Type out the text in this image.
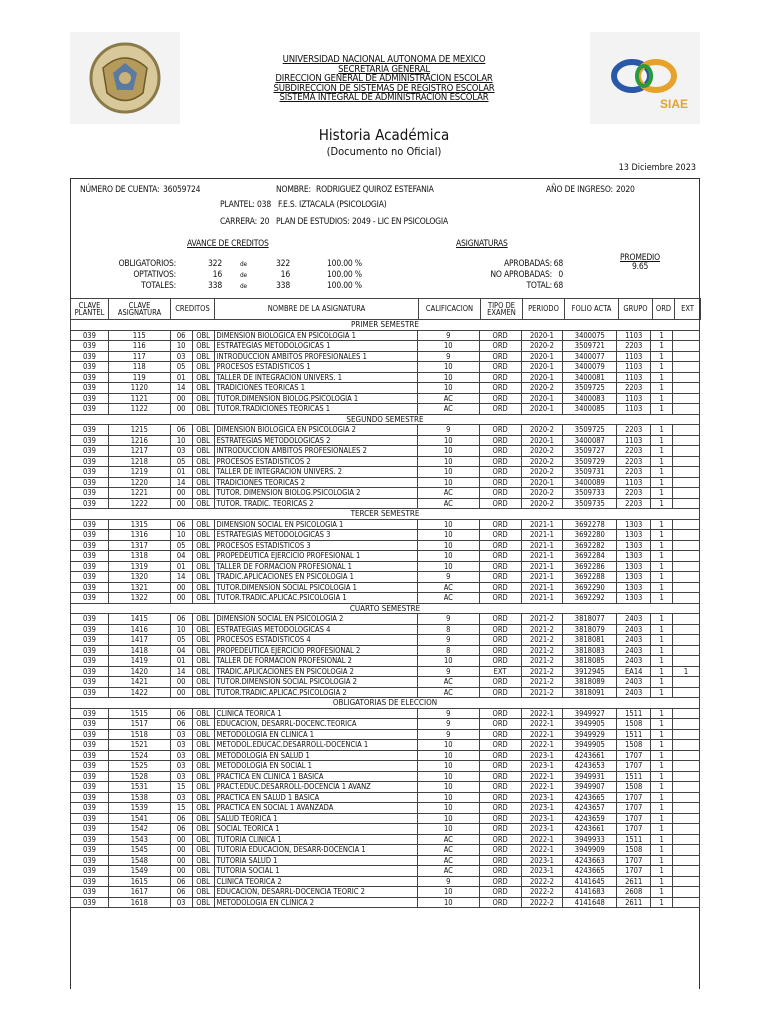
SIAE
UNIVERSIDAD NACIONAL AUTONOMA DE MEXICO
SECRETARIA GENERAL
DIRECCION GENERAL DE ADMINISTRACION ESCOLAR
SUBDIRECCION DE SISTEMAS DE REGISTRO ESCOLAR
SISTEMA INTEGRAL DE ADMINISTRACION ESCOLAR
Historia Académica
(Documento no Oficial)
13 Diciembre 2023
NÚMERO DE CUENTA: 36059724	NOMBRE: RODRIGUEZ QUIROZ ESTEFANIA	AÑO DE INGRESO: 2020
PLANTEL: 038 F.E.S. IZTACALA (PSICOLOGIA)
CARRERA: 20 PLAN DE ESTUDIOS: 2049 - LIC EN PSICOLOGIA
AVANCE DE CREDITOS
OBLIGATORIOS:	322	de	322	100.00 %
OPTATIVOS:	16	de	16	100.00 %
TOTALES:	338	de	338	100.00 %
ASIGNATURAS
APROBADAS: 68
NO APROBADAS: 0
TOTAL: 68
PROMEDIO
9.65
CLAVE PLANTEL	CLAVE ASIGNATURA	CREDITOS	NOMBRE DE LA ASIGNATURA	CALIFICACION	TIPO DE EXAMEN	PERIODO	FOLIO ACTA	GRUPO	ORD	EXT
PRIMER SEMESTRE
039	115	06	OBL DIMENSION BIOLOGICA EN PSICOLOGIA 1	9	ORD	2020-1	3400075	1103	1
039	116	10	OBL ESTRATEGIAS METODOLOGICAS 1	10	ORD	2020-2	3509721	2203	1
039	117	03	OBL INTRODUCCION AMBITOS PROFESIONALES 1	9	ORD	2020-1	3400077	1103	1
039	118	05	OBL PROCESOS ESTADISTICOS 1	10	ORD	2020-1	3400079	1103	1
039	119	01	OBL TALLER DE INTEGRACION UNIVERS. 1	10	ORD	2020-1	3400081	1103	1
039	1120	14	OBL TRADICIONES TEORICAS 1	10	ORD	2020-2	3509725	2203	1
039	1121	00	OBL TUTOR.DIMENSION BIOLOG.PSICOLOGIA 1	AC	ORD	2020-1	3400083	1103	1
039	1122	00	OBL TUTOR.TRADICIONES TEORICAS 1	AC	ORD	2020-1	3400085	1103	1
SEGUNDO SEMESTRE
039	1215	06	OBL DIMENSION BIOLOGICA EN PSICOLOGIA 2	9	ORD	2020-2	3509725	2203	1
039	1216	10	OBL ESTRATEGIAS METODOLOGICAS 2	10	ORD	2020-1	3400087	1103	1
039	1217	03	OBL INTRODUCCION AMBITOS PROFESIONALES 2	10	ORD	2020-2	3509727	2203	1
039	1218	05	OBL PROCESOS ESTADISTICOS 2	10	ORD	2020-2	3509729	2203	1
039	1219	01	OBL TALLER DE INTEGRACION UNIVERS. 2	10	ORD	2020-2	3509731	2203	1
039	1220	14	OBL TRADICIONES TEORICAS 2	10	ORD	2020-1	3400089	1103	1
039	1221	00	OBL TUTOR. DIMENSION BIOLOG.PSICOLOGIA 2	AC	ORD	2020-2	3509733	2203	1
039	1222	00	OBL TUTOR. TRADIC. TEORICAS 2	AC	ORD	2020-2	3509735	2203	1
TERCER SEMESTRE
039	1315	06	OBL DIMENSION SOCIAL EN PSICOLOGIA 1	10	ORD	2021-1	3692278	1303	1
039	1316	10	OBL ESTRATEGIAS METODOLOGICAS 3	10	ORD	2021-1	3692280	1303	1
039	1317	05	OBL PROCESOS ESTADISTICOS 3	10	ORD	2021-1	3692282	1303	1
039	1318	04	OBL PROPEDEUTICA EJERCICIO PROFESIONAL 1	10	ORD	2021-1	3692284	1303	1
039	1319	01	OBL TALLER DE FORMACION PROFESIONAL 1	10	ORD	2021-1	3692286	1303	1
039	1320	14	OBL TRADIC.APLICACIONES EN PSICOLOGIA 1	9	ORD	2021-1	3692288	1303	1
039	1321	00	OBL TUTOR.DIMENSION SOCIAL PSICOLOGIA 1	AC	ORD	2021-1	3692290	1303	1
039	1322	00	OBL TUTOR.TRADIC.APLICAC.PSICOLOGIA 1	AC	ORD	2021-1	3692292	1303	1
CUARTO SEMESTRE
039	1415	06	OBL DIMENSION SOCIAL EN PSICOLOGIA 2	9	ORD	2021-2	3818077	2403	1
039	1416	10	OBL ESTRATEGIAS METODOLOGICAS 4	8	ORD	2021-2	3818079	2403	1
039	1417	05	OBL PROCESOS ESTADISTICOS 4	9	ORD	2021-2	3818081	2403	1
039	1418	04	OBL PROPEDEUTICA EJERCICIO PROFESIONAL 2	8	ORD	2021-2	3818083	2403	1
039	1419	01	OBL TALLER DE FORMACION PROFESIONAL 2	10	ORD	2021-2	3818085	2403	1
039	1420	14	OBL TRADIC.APLICACIONES EN PSICOLOGIA 2	9	EXT	2021-2	3912945	EA14	1	1
039	1421	00	OBL TUTOR.DIMENSION SOCIAL PSICOLOGIA 2	AC	ORD	2021-2	3818089	2403	1
039	1422	00	OBL TUTOR.TRADIC.APLICAC.PSICOLOGIA 2	AC	ORD	2021-2	3818091	2403	1
OBLIGATORIAS DE ELECCION
039	1515	06	OBL CLINICA TEORICA 1	9	ORD	2022-1	3949927	1511	1
039	1517	06	OBL EDUCACION, DESARRL-DOCENC.TEORICA	9	ORD	2022-1	3949905	1508	1
039	1518	03	OBL METODOLOGIA EN CLINICA 1	9	ORD	2022-1	3949929	1511	1
039	1521	03	OBL METODOL.EDUCAC.DESARROLL-DOCENCIA 1	10	ORD	2022-1	3949905	1508	1
039	1524	03	OBL METODOLOGIA EN SALUD 1	10	ORD	2023-1	4243661	1707	1
039	1525	03	OBL METODOLOGIA EN SOCIAL 1	10	ORD	2023-1	4243653	1707	1
039	1528	03	OBL PRACTICA EN CLINICA 1 BASICA	10	ORD	2022-1	3949931	1511	1
039	1531	15	OBL PRACT.EDUC.DESARROLL-DOCENCIA 1 AVANZ	10	ORD	2022-1	3949907	1508	1
039	1538	03	OBL PRACTICA EN SALUD 1 BASICA	10	ORD	2023-1	4243665	1707	1
039	1539	15	OBL PRACTICA EN SOCIAL 1 AVANZADA	10	ORD	2023-1	4243657	1707	1
039	1541	06	OBL SALUD TEORICA 1	10	ORD	2023-1	4243659	1707	1
039	1542	06	OBL SOCIAL TEORICA 1	10	ORD	2023-1	4243661	1707	1
039	1543	00	OBL TUTORIA CLINICA 1	AC	ORD	2022-1	3949933	1511	1
039	1545	00	OBL TUTORIA EDUCACION, DESARR-DOCENCIA 1	AC	ORD	2022-1	3949909	1508	1
039	1548	00	OBL TUTORIA SALUD 1	AC	ORD	2023-1	4243663	1707	1
039	1549	00	OBL TUTORIA SOCIAL 1	AC	ORD	2023-1	4243665	1707	1
039	1615	06	OBL CLINICA TEORICA 2	9	ORD	2022-2	4141645	2611	1
039	1617	06	OBL EDUCACION, DESARRL-DOCENCIA TEORIC 2	10	ORD	2022-2	4141683	2608	1
039	1618	03	OBL METODOLOGIA EN CLINICA 2	10	ORD	2022-2	4141648	2611	1
